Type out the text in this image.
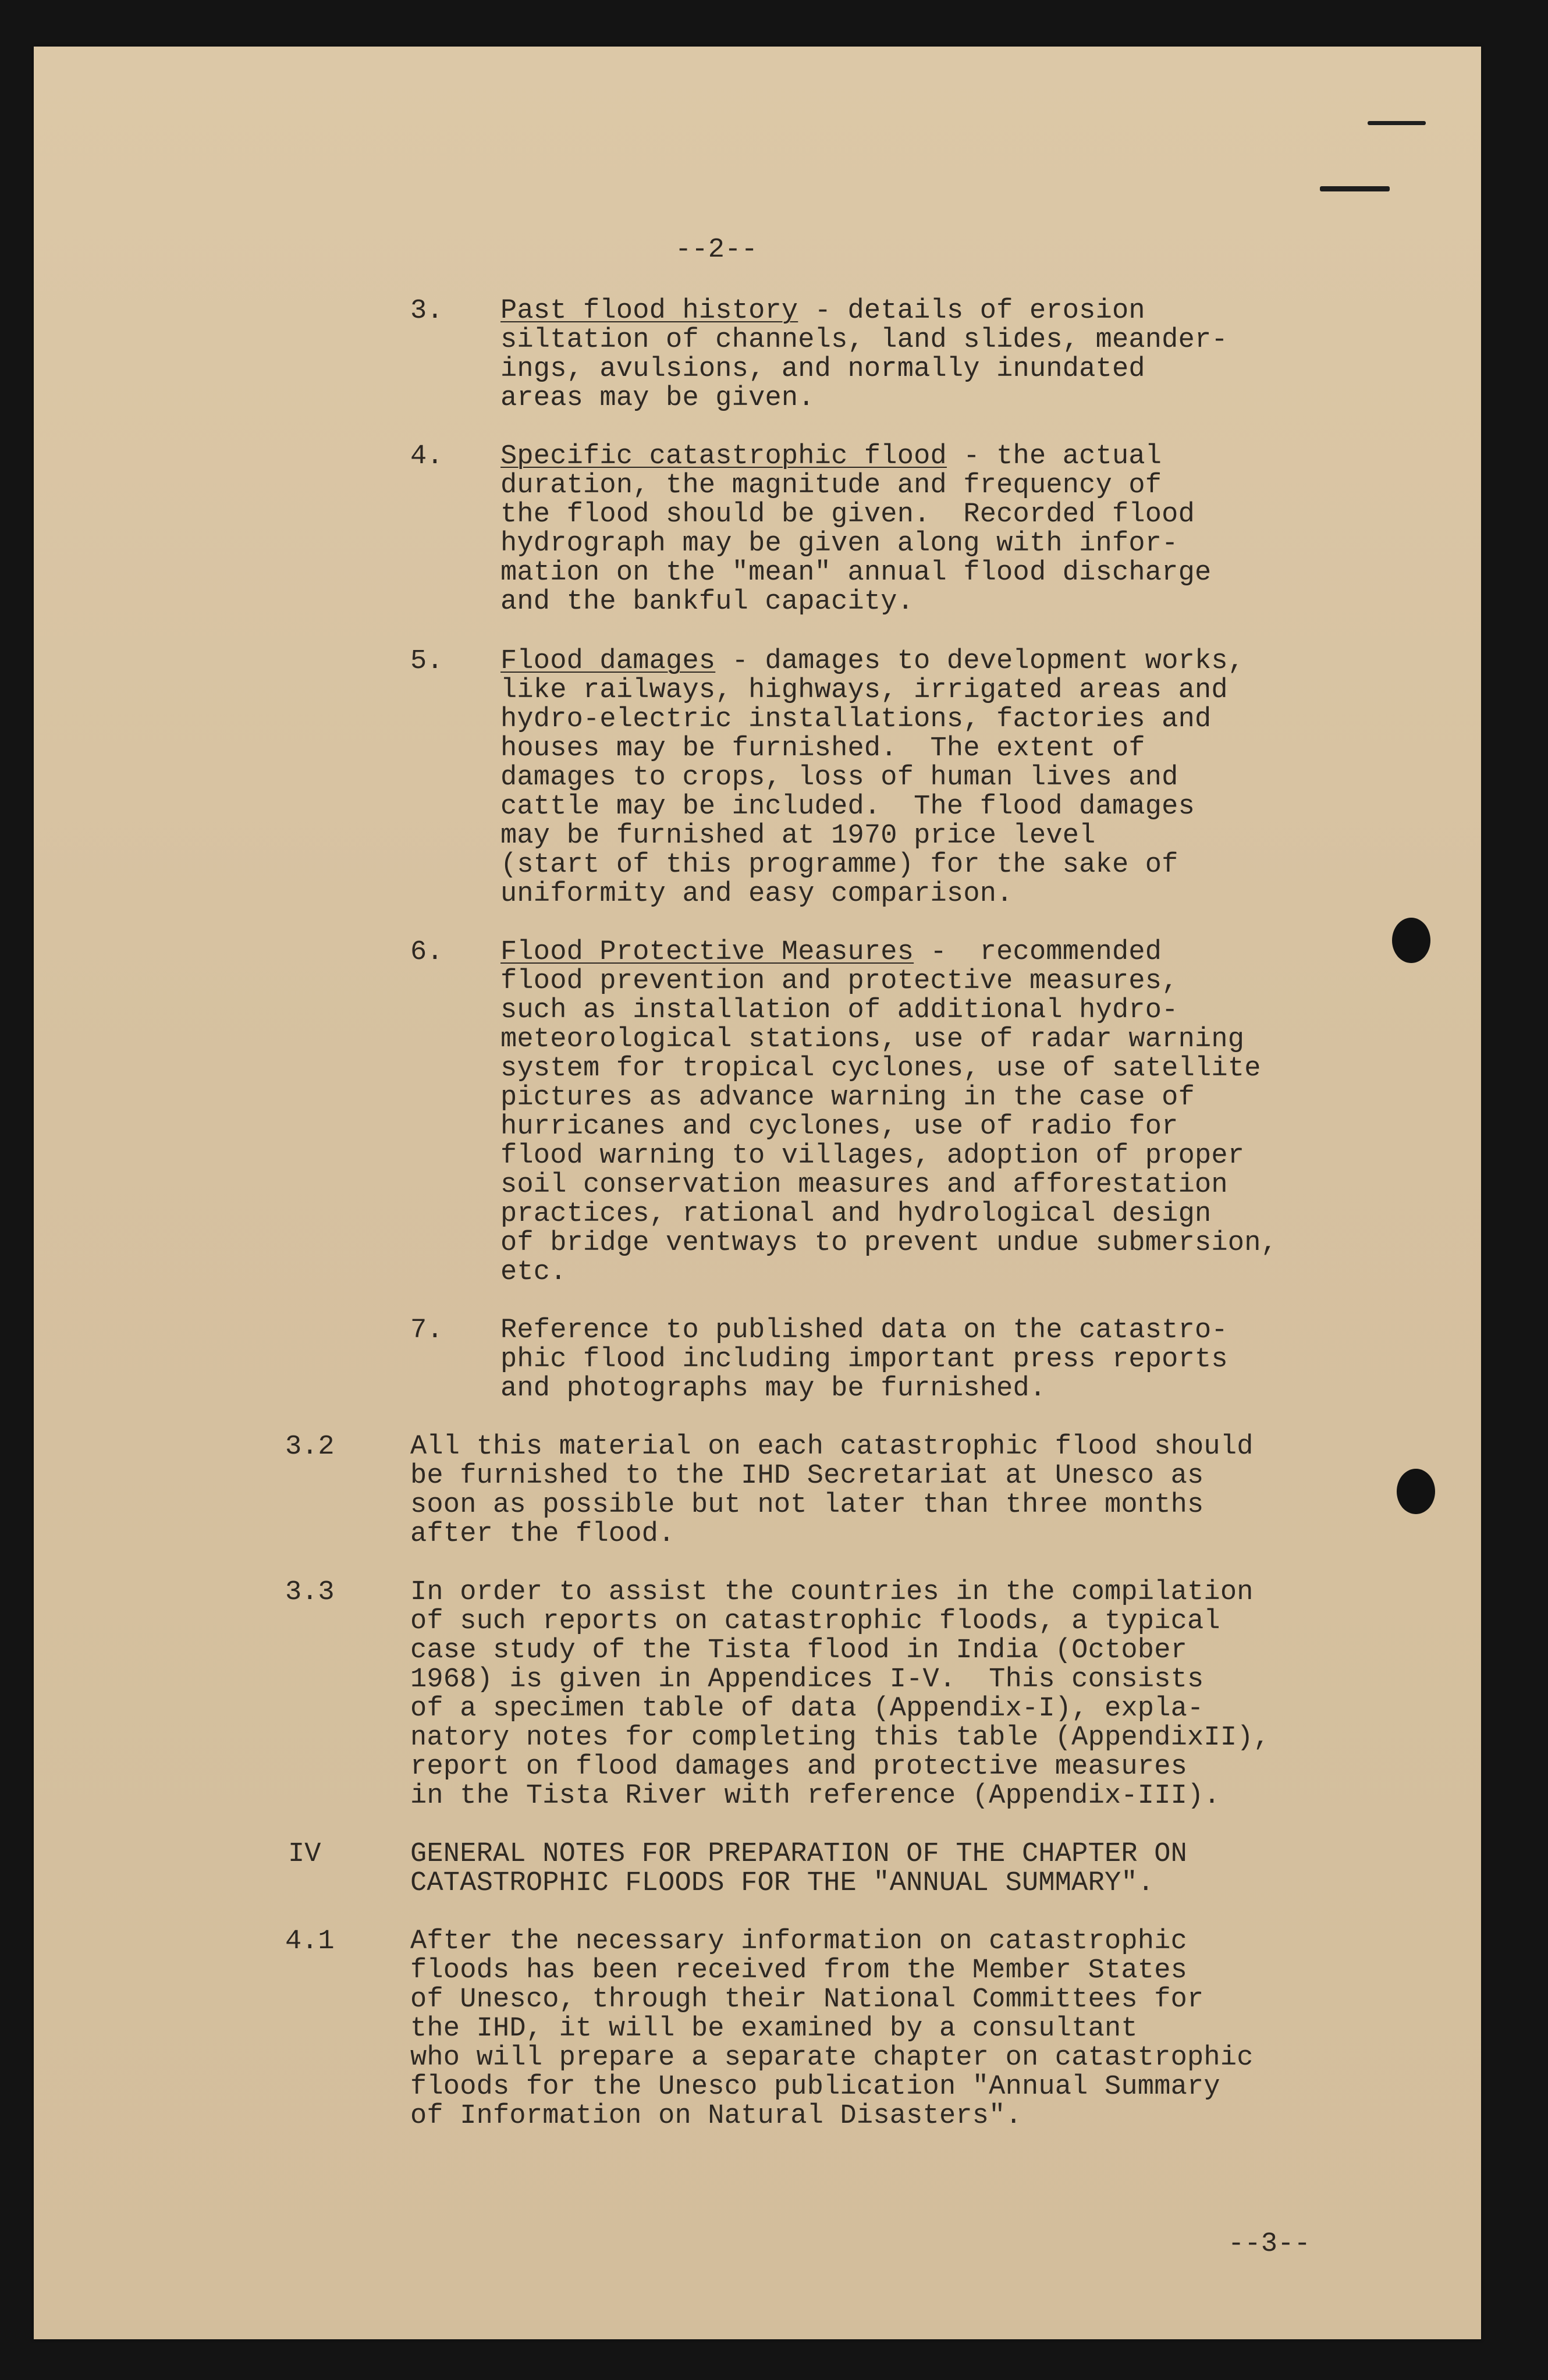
--2--
3. Past flood history - details of erosion
siltation of channels, land slides, meander-
ings, avulsions, and normally inundated
areas may be given.
4. Specific catastrophic flood - the actual
duration, the magnitude and frequency of
the flood should be given.  Recorded flood
hydrograph may be given along with infor-
mation on the "mean" annual flood discharge
and the bankful capacity.
5. Flood damages - damages to development works,
like railways, highways, irrigated areas and
hydro-electric installations, factories and
houses may be furnished.  The extent of
damages to crops, loss of human lives and
cattle may be included.  The flood damages
may be furnished at 1970 price level
(start of this programme) for the sake of
uniformity and easy comparison.
6. Flood Protective Measures -  recommended
flood prevention and protective measures,
such as installation of additional hydro-
meteorological stations, use of radar warning
system for tropical cyclones, use of satellite
pictures as advance warning in the case of
hurricanes and cyclones, use of radio for
flood warning to villages, adoption of proper
soil conservation measures and afforestation
practices, rational and hydrological design
of bridge ventways to prevent undue submersion,
etc.
7. Reference to published data on the catastro-
phic flood including important press reports
and photographs may be furnished.
3.2	All this material on each catastrophic flood should
be furnished to the IHD Secretariat at Unesco as
soon as possible but not later than three months
after the flood.
3.3	In order to assist the countries in the compilation
of such reports on catastrophic floods, a typical
case study of the Tista flood in India (October
1968) is given in Appendices I-V.  This consists
of a specimen table of data (Appendix-I), expla-
natory notes for completing this table (AppendixII),
report on flood damages and protective measures
in the Tista River with reference (Appendix-III).
IV	GENERAL NOTES FOR PREPARATION OF THE CHAPTER ON
CATASTROPHIC FLOODS FOR THE "ANNUAL SUMMARY".
4.1	After the necessary information on catastrophic
floods has been received from the Member States
of Unesco, through their National Committees for
the IHD, it will be examined by a consultant
who will prepare a separate chapter on catastrophic
floods for the Unesco publication "Annual Summary
of Information on Natural Disasters".
--3--
